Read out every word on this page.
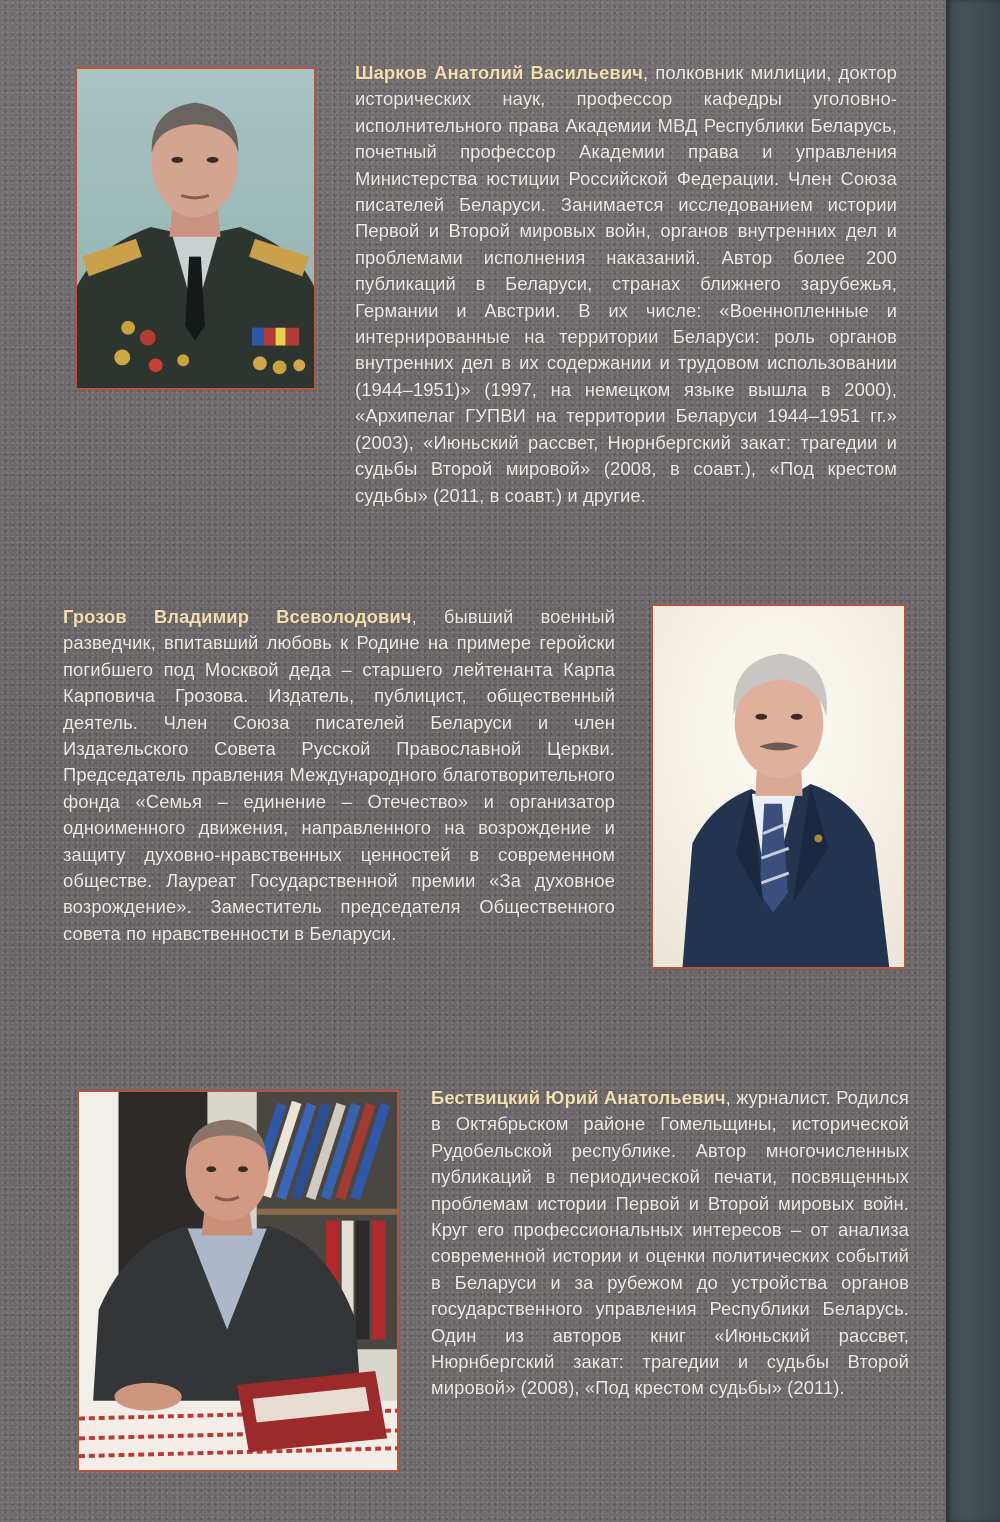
Шарков Анатолий Васильевич, полковник милиции, доктор исторических наук, профессор кафедры уголовно-исполнительного права Академии МВД Республики Беларусь, почетный профессор Академии права и управления Министерства юстиции Российской Федерации. Член Союза писателей Беларуси. Занимается исследованием истории Первой и Второй мировых войн, органов внутренних дел и проблемами исполнения наказаний. Автор более 200 публикаций в Беларуси, странах ближнего зарубежья, Германии и Австрии. В их числе: «Военнопленные и интернированные на территории Беларуси: роль органов внутренних дел в их содержании и трудовом использовании (1944–1951)» (1997, на немецком языке вышла в 2000), «Архипелаг ГУПВИ на территории Беларуси 1944–1951 гг.» (2003), «Июньский рассвет, Нюрнбергский закат: трагедии и судьбы Второй мировой» (2008, в соавт.), «Под крестом судьбы» (2011, в соавт.) и другие.

Грозов Владимир Всеволодович, бывший военный разведчик, впитавший любовь к Родине на примере геройски погибшего под Москвой деда – старшего лейтенанта Карпа Карповича Грозова. Издатель, публицист, общественный деятель. Член Союза писателей Беларуси и член Издательского Совета Русской Православной Церкви. Председатель правления Международного благотворительного фонда «Семья – единение – Отечество» и организатор одноименного движения, направленного на возрождение и защиту духовно-нравственных ценностей в современном обществе. Лауреат Государственной премии «За духовное возрождение». Заместитель председателя Общественного совета по нравственности в Беларуси.

Бествицкий Юрий Анатольевич, журналист. Родился в Октябрьском районе Гомельщины, исторической Рудобельской республике. Автор многочисленных публикаций в периодической печати, посвященных проблемам истории Первой и Второй мировых войн. Круг его профессиональных интересов – от анализа современной истории и оценки политических событий в Беларуси и за рубежом до устройства органов государственного управления Республики Беларусь. Один из авторов книг «Июньский рассвет, Нюрнбергский закат: трагедии и судьбы Второй мировой» (2008), «Под крестом судьбы» (2011).
